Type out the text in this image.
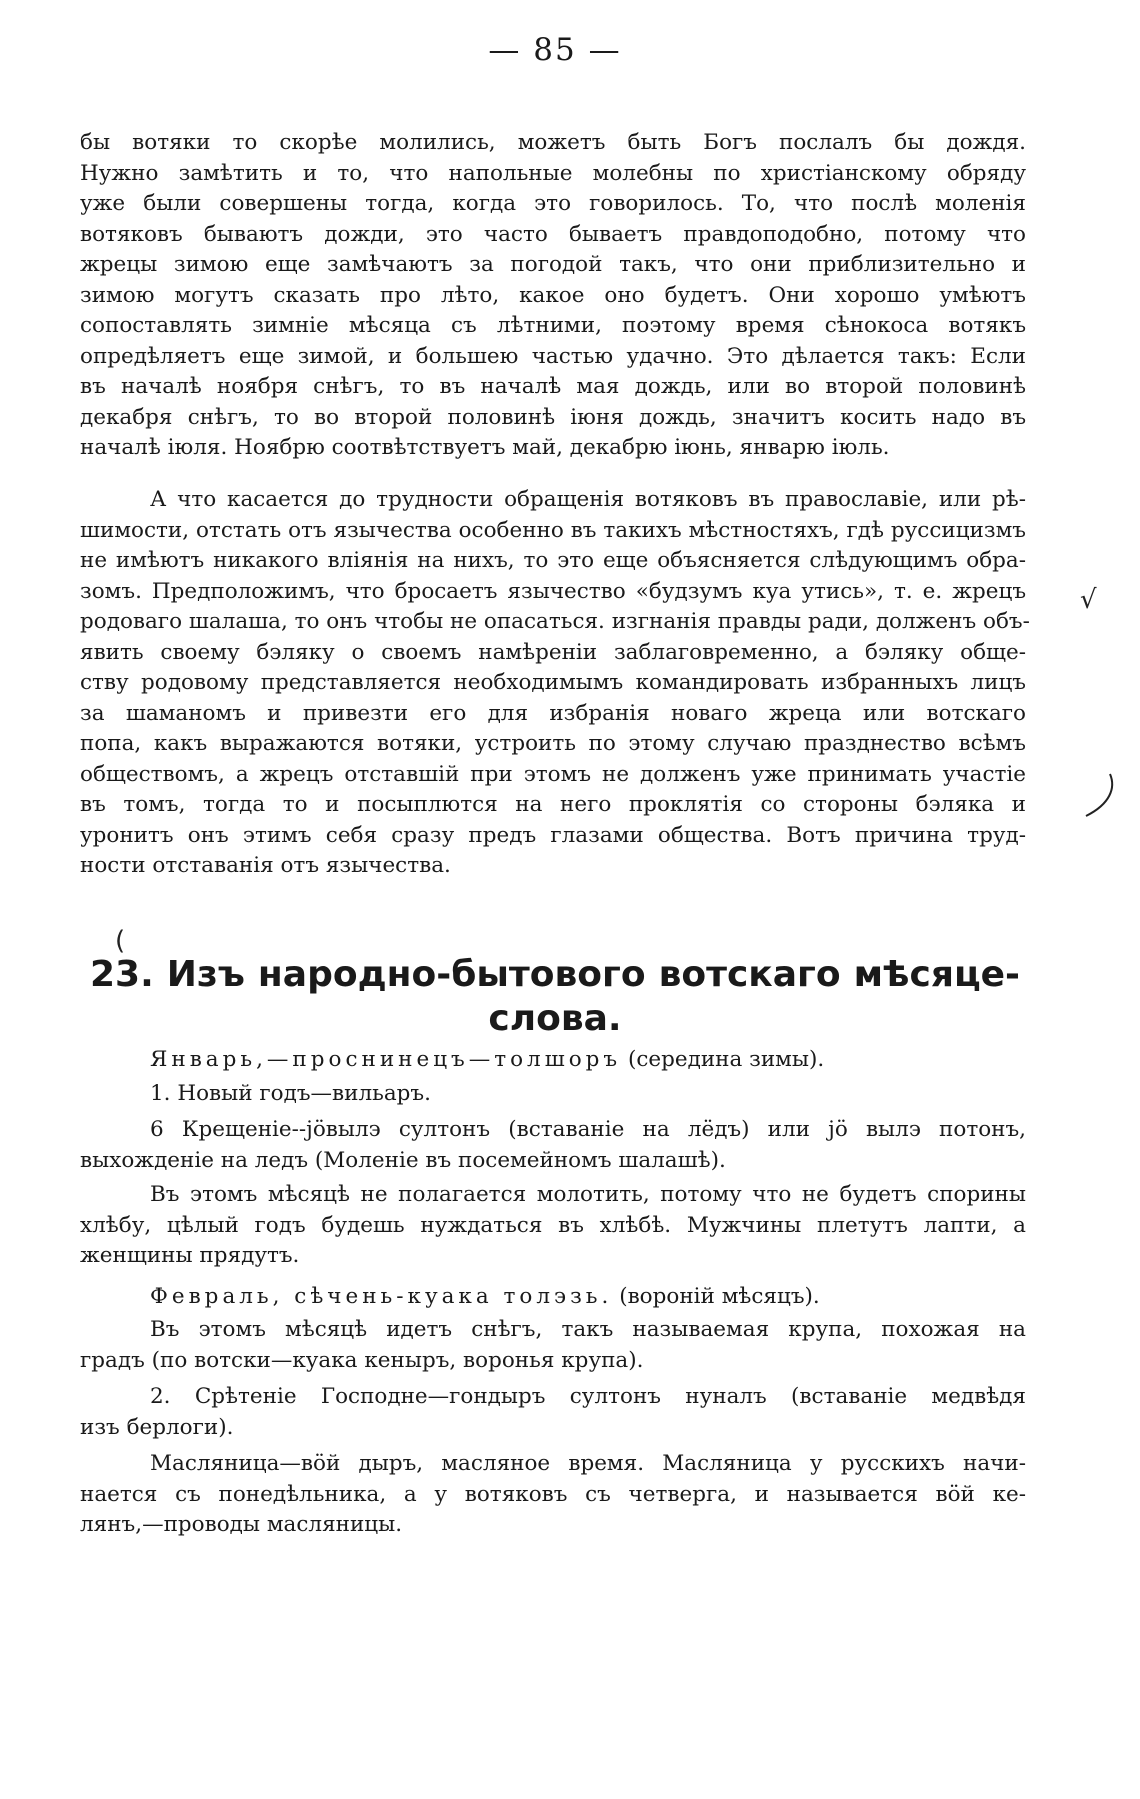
— 85 —
бы вотяки то скорѣе молились, можетъ быть Богъ послалъ бы дождя.
Нужно замѣтить и то, что напольные молебны по христіанскому обряду
уже были совершены тогда, когда это говорилось. То, что послѣ моленія
вотяковъ бываютъ дожди, это часто бываетъ правдоподобно, потому что
жрецы зимою еще замѣчаютъ за погодой такъ, что они приблизительно и
зимою могутъ сказать про лѣто, какое оно будетъ. Они хорошо умѣютъ
сопоставлять зимніе мѣсяца съ лѣтними, поэтому время сѣнокоса вотякъ
опредѣляетъ еще зимой, и большею частью удачно. Это дѣлается такъ: Если
въ началѣ ноября снѣгъ, то въ началѣ мая дождь, или во второй половинѣ
декабря снѣгъ, то во второй половинѣ іюня дождь, значитъ косить надо въ
началѣ іюля. Ноябрю соотвѣтствуетъ май, декабрю іюнь, январю іюль.
А что касается до трудности обращенія вотяковъ въ православіе, или рѣ-
шимости, отстать отъ язычества особенно въ такихъ мѣстностяхъ, гдѣ руссицизмъ
не имѣютъ никакого вліянія на нихъ, то это еще объясняется слѣдующимъ обра-
зомъ. Предположимъ, что бросаетъ язычество «будзумъ куа утись», т. е. жрецъ
родоваго шалаша, то онъ чтобы не опасаться. изгнанія правды ради, долженъ объ-
явить своему бэляку о своемъ намѣреніи заблаговременно, а бэляку обще-
ству родовому представляется необходимымъ командировать избранныхъ лицъ
за шаманомъ и привезти его для избранія новаго жреца или вотскаго
попа, какъ выражаются вотяки, устроить по этому случаю празднество всѣмъ
обществомъ, а жрецъ отставшій при этомъ не долженъ уже принимать участіе
въ томъ, тогда то и посыплются на него проклятія со стороны бэляка и
уронитъ онъ этимъ себя сразу предъ глазами общества. Вотъ причина труд-
ности отставанія отъ язычества.
(
23. Изъ народно-бытового вотскаго мѣсяце-
слова.
Январь,—проснинецъ—толшоръ (середина зимы).
1. Новый годъ—вильаръ.
6 Крещеніе--jӧвылэ султонъ (вставаніе на лёдъ) или jӧ вылэ потонъ,
выхожденіе на ледъ (Моленіе въ посемейномъ шалашѣ).
Въ этомъ мѣсяцѣ не полагается молотить, потому что не будетъ спорины
хлѣбу, цѣлый годъ будешь нуждаться въ хлѣбѣ. Мужчины плетутъ лапти, а
женщины прядутъ.
Февраль, сѣчень-куака толэзь. (вороній мѣсяцъ).
Въ этомъ мѣсяцѣ идетъ снѣгъ, такъ называемая крупа, похожая на
градъ (по вотски—куака кеныръ, воронья крупа).
2. Срѣтеніе Господне—гондыръ султонъ нуналъ (вставаніе медвѣдя
изъ берлоги).
Масляница—вӧй дыръ, масляное время. Масляница у русскихъ начи-
нается съ понедѣльника, а у вотяковъ съ четверга, и называется вӧй ке-
лянъ,—проводы масляницы.
√
